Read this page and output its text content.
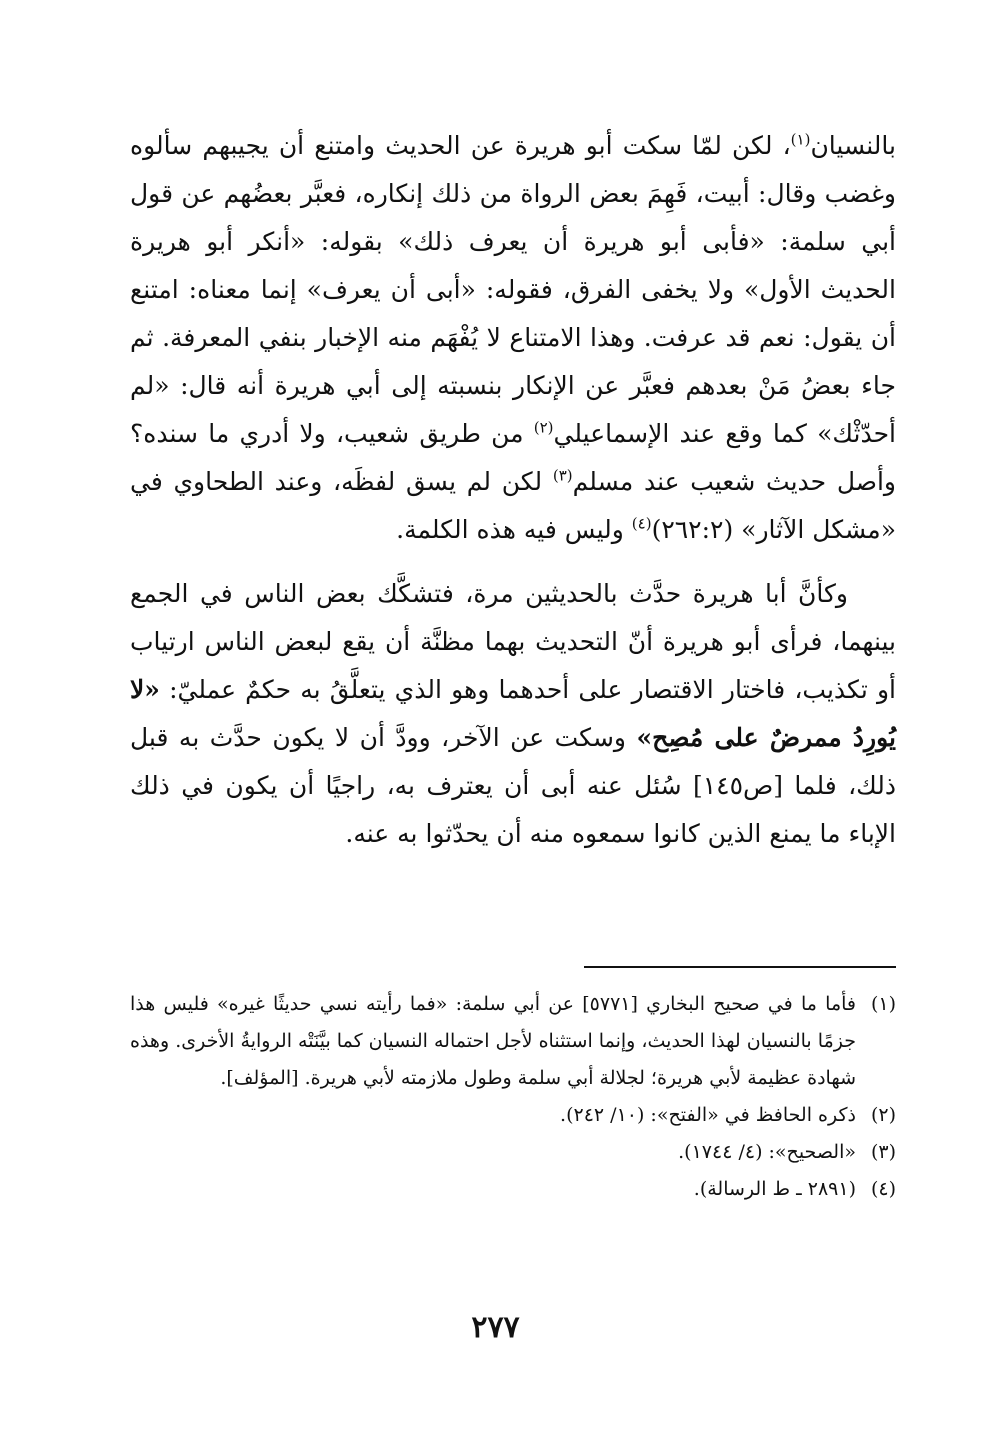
بالنسيان$^{(١)}$، لكن لمّا سكت أبو هريرة عن الحديث وامتنع أن يجيبهم سألوه وغضب وقال: أبيت، فَهِمَ بعض الرواة من ذلك إنكاره، فعبَّر بعضُهم عن قول أبي سلمة: «فأبى أبو هريرة أن يعرف ذلك» بقوله: «أنكر أبو هريرة الحديث الأول» ولا يخفى الفرق، فقوله: «أبى أن يعرف» إنما معناه: امتنع أن يقول: نعم قد عرفت. وهذا الامتناع لا يُفْهَم منه الإخبار بنفي المعرفة. ثم جاء بعضُ مَنْ بعدهم فعبَّر عن الإنكار بنسبته إلى أبي هريرة أنه قال: «لم أحدّثْك» كما وقع عند الإسماعيلي$^{(٢)}$ من طريق شعيب، ولا أدري ما سنده؟ وأصل حديث شعيب عند مسلم$^{(٣)}$ لكن لم يسق لفظَه، وعند الطحاوي في «مشكل الآثار» (٢٦٢:٢)$^{(٤)}$ وليس فيه هذه الكلمة.

وكأنَّ أبا هريرة حدَّث بالحديثين مرة، فتشكَّك بعض الناس في الجمع بينهما، فرأى أبو هريرة أنّ التحديث بهما مظنَّة أن يقع لبعض الناس ارتياب أو تكذيب، فاختار الاقتصار على أحدهما وهو الذي يتعلَّقُ به حكمٌ عمليّ: «لا يُورِدُ ممرضٌ على مُصِح» وسكت عن الآخر، وودَّ أن لا يكون حدَّث به قبل ذلك، فلما [ص١٤٥] سُئل عنه أبى أن يعترف به، راجيًا أن يكون في ذلك الإباء ما يمنع الذين كانوا سمعوه منه أن يحدّثوا به عنه.

(١)
فأما ما في صحيح البخاري [٥٧٧١] عن أبي سلمة: «فما رأيته نسي حديثًا غيره» فليس هذا جزمًا بالنسيان لهذا الحديث، وإنما استثناه لأجل احتماله النسيان كما بيَّنَتْه الروايةُ الأخرى. وهذه شهادة عظيمة لأبي هريرة؛ لجلالة أبي سلمة وطول ملازمته لأبي هريرة. [المؤلف].
(٢)
ذكره الحافظ في «الفتح»: (١٠/ ٢٤٢).
(٣)
«الصحيح»: (٤/ ١٧٤٤).
(٤)
(٢٨٩١ ـ ط الرسالة).
٢٧٧
